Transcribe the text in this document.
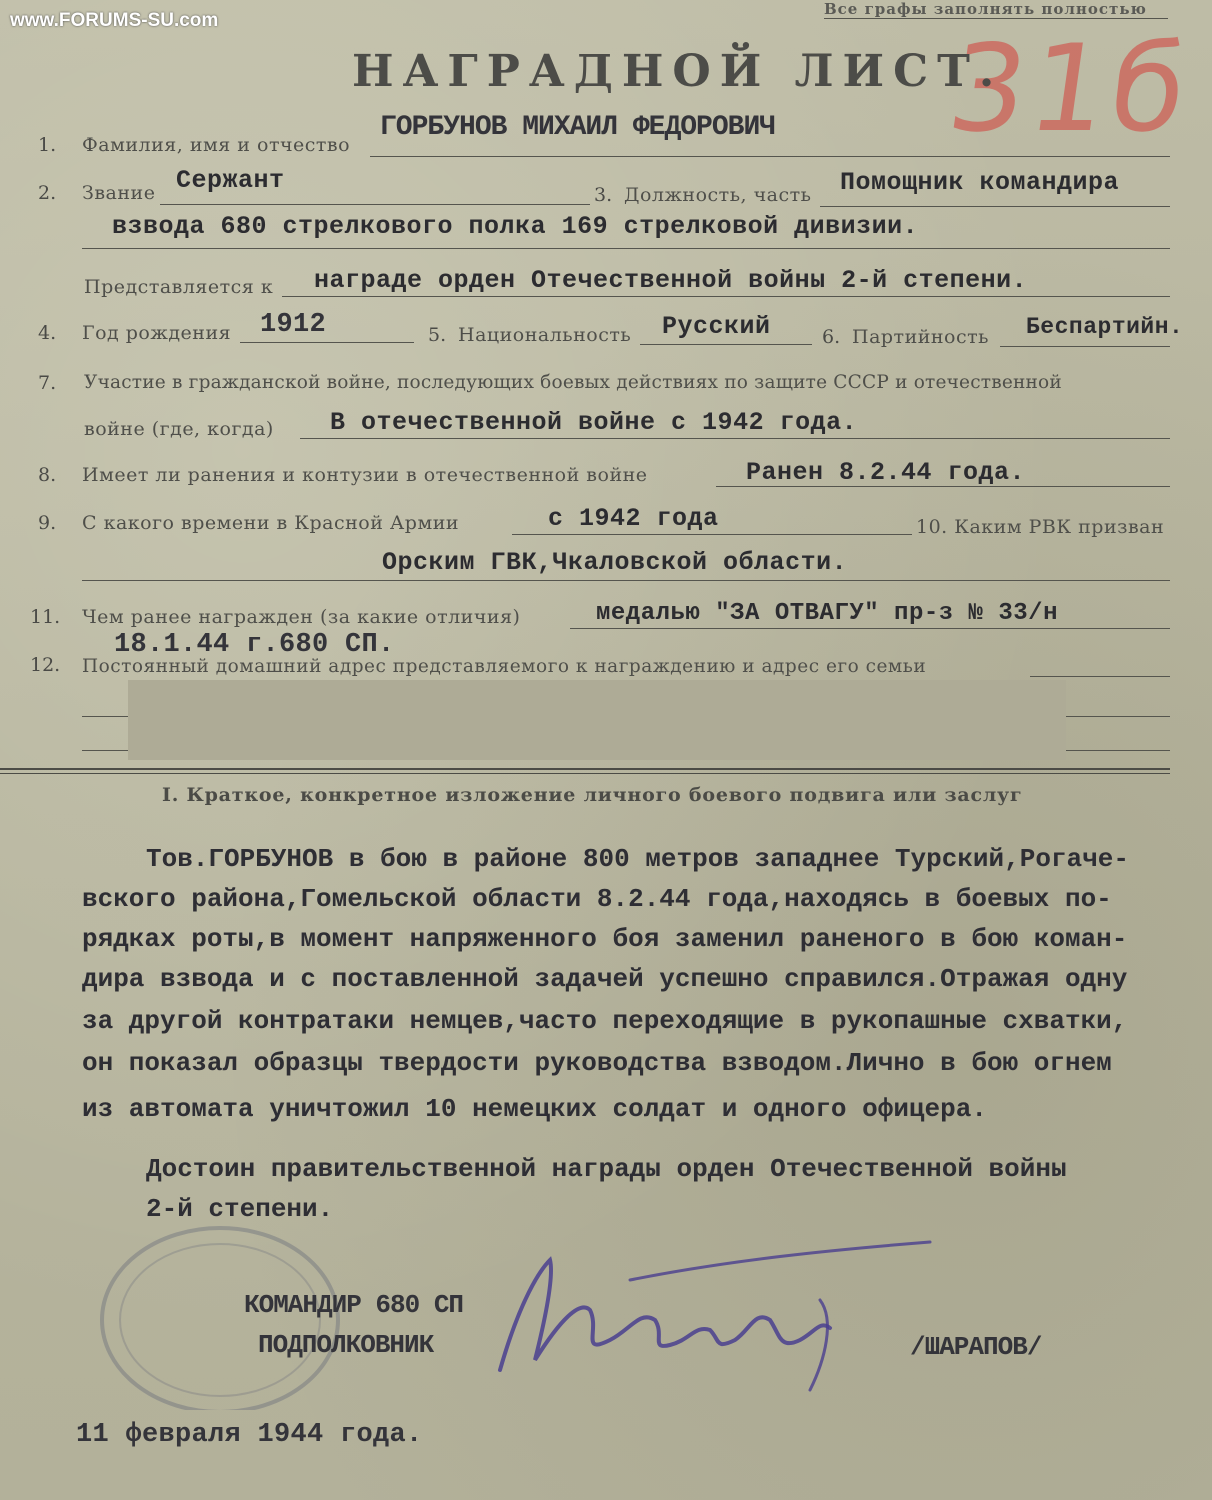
www.FORUMS-SU.com
Все графы заполнять полностью
31б
НАГРАДНОЙ ЛИСТ.
1. Фамилия, имя и отчество
ГОРБУНОВ МИХАИЛ ФЕДОРОВИЧ
2. Звание Сержант	3. Должность, часть Помощник командира
взвода 680 стрелкового полка 169 стрелковой дивизии.
Представляется к награде орден Отечественной войны 2-й степени.
4. Год рождения 1912	5. Национальность Русский	6. Партийность Беспартийн.
7. Участие в гражданской войне, последующих боевых действиях по защите СССР и отечественной
войне (где, когда) В отечественной войне с 1942 года.
8. Имеет ли ранения и контузии в отечественной войне	Ранен 8.2.44 года.
9. С какого времени в Красной Армии	с 1942 года	10. Каким РВК призван
Орским ГВК,Чкаловской области.
11. Чем ранее награжден (за какие отличия)	медалью "ЗА ОТВАГУ" пр-з № 33/н
18.1.44 г.680 СП.
12. Постоянный домашний адрес представляемого к награждению и адрес его семьи
I. Краткое, конкретное изложение личного боевого подвига или заслуг
Тов.ГОРБУНОВ в бою в районе 800 метров западнее Турский,Рогаче-
вского района,Гомельской области 8.2.44 года,находясь в боевых по-
рядках роты,в момент напряженного боя заменил раненого в бою коман-
дира взвода и с поставленной задачей успешно справился.Отражая одну
за другой контратаки немцев,часто переходящие в рукопашные схватки,
он показал образцы твердости руководства взводом.Лично в бою огнем
из автомата уничтожил 10 немецких солдат и одного офицера.
Достоин правительственной награды орден Отечественной войны
2-й степени.
КОМАНДИР 680 СП
ПОДПОЛКОВНИК	/ШАРАПОВ/
11 февраля 1944 года.
